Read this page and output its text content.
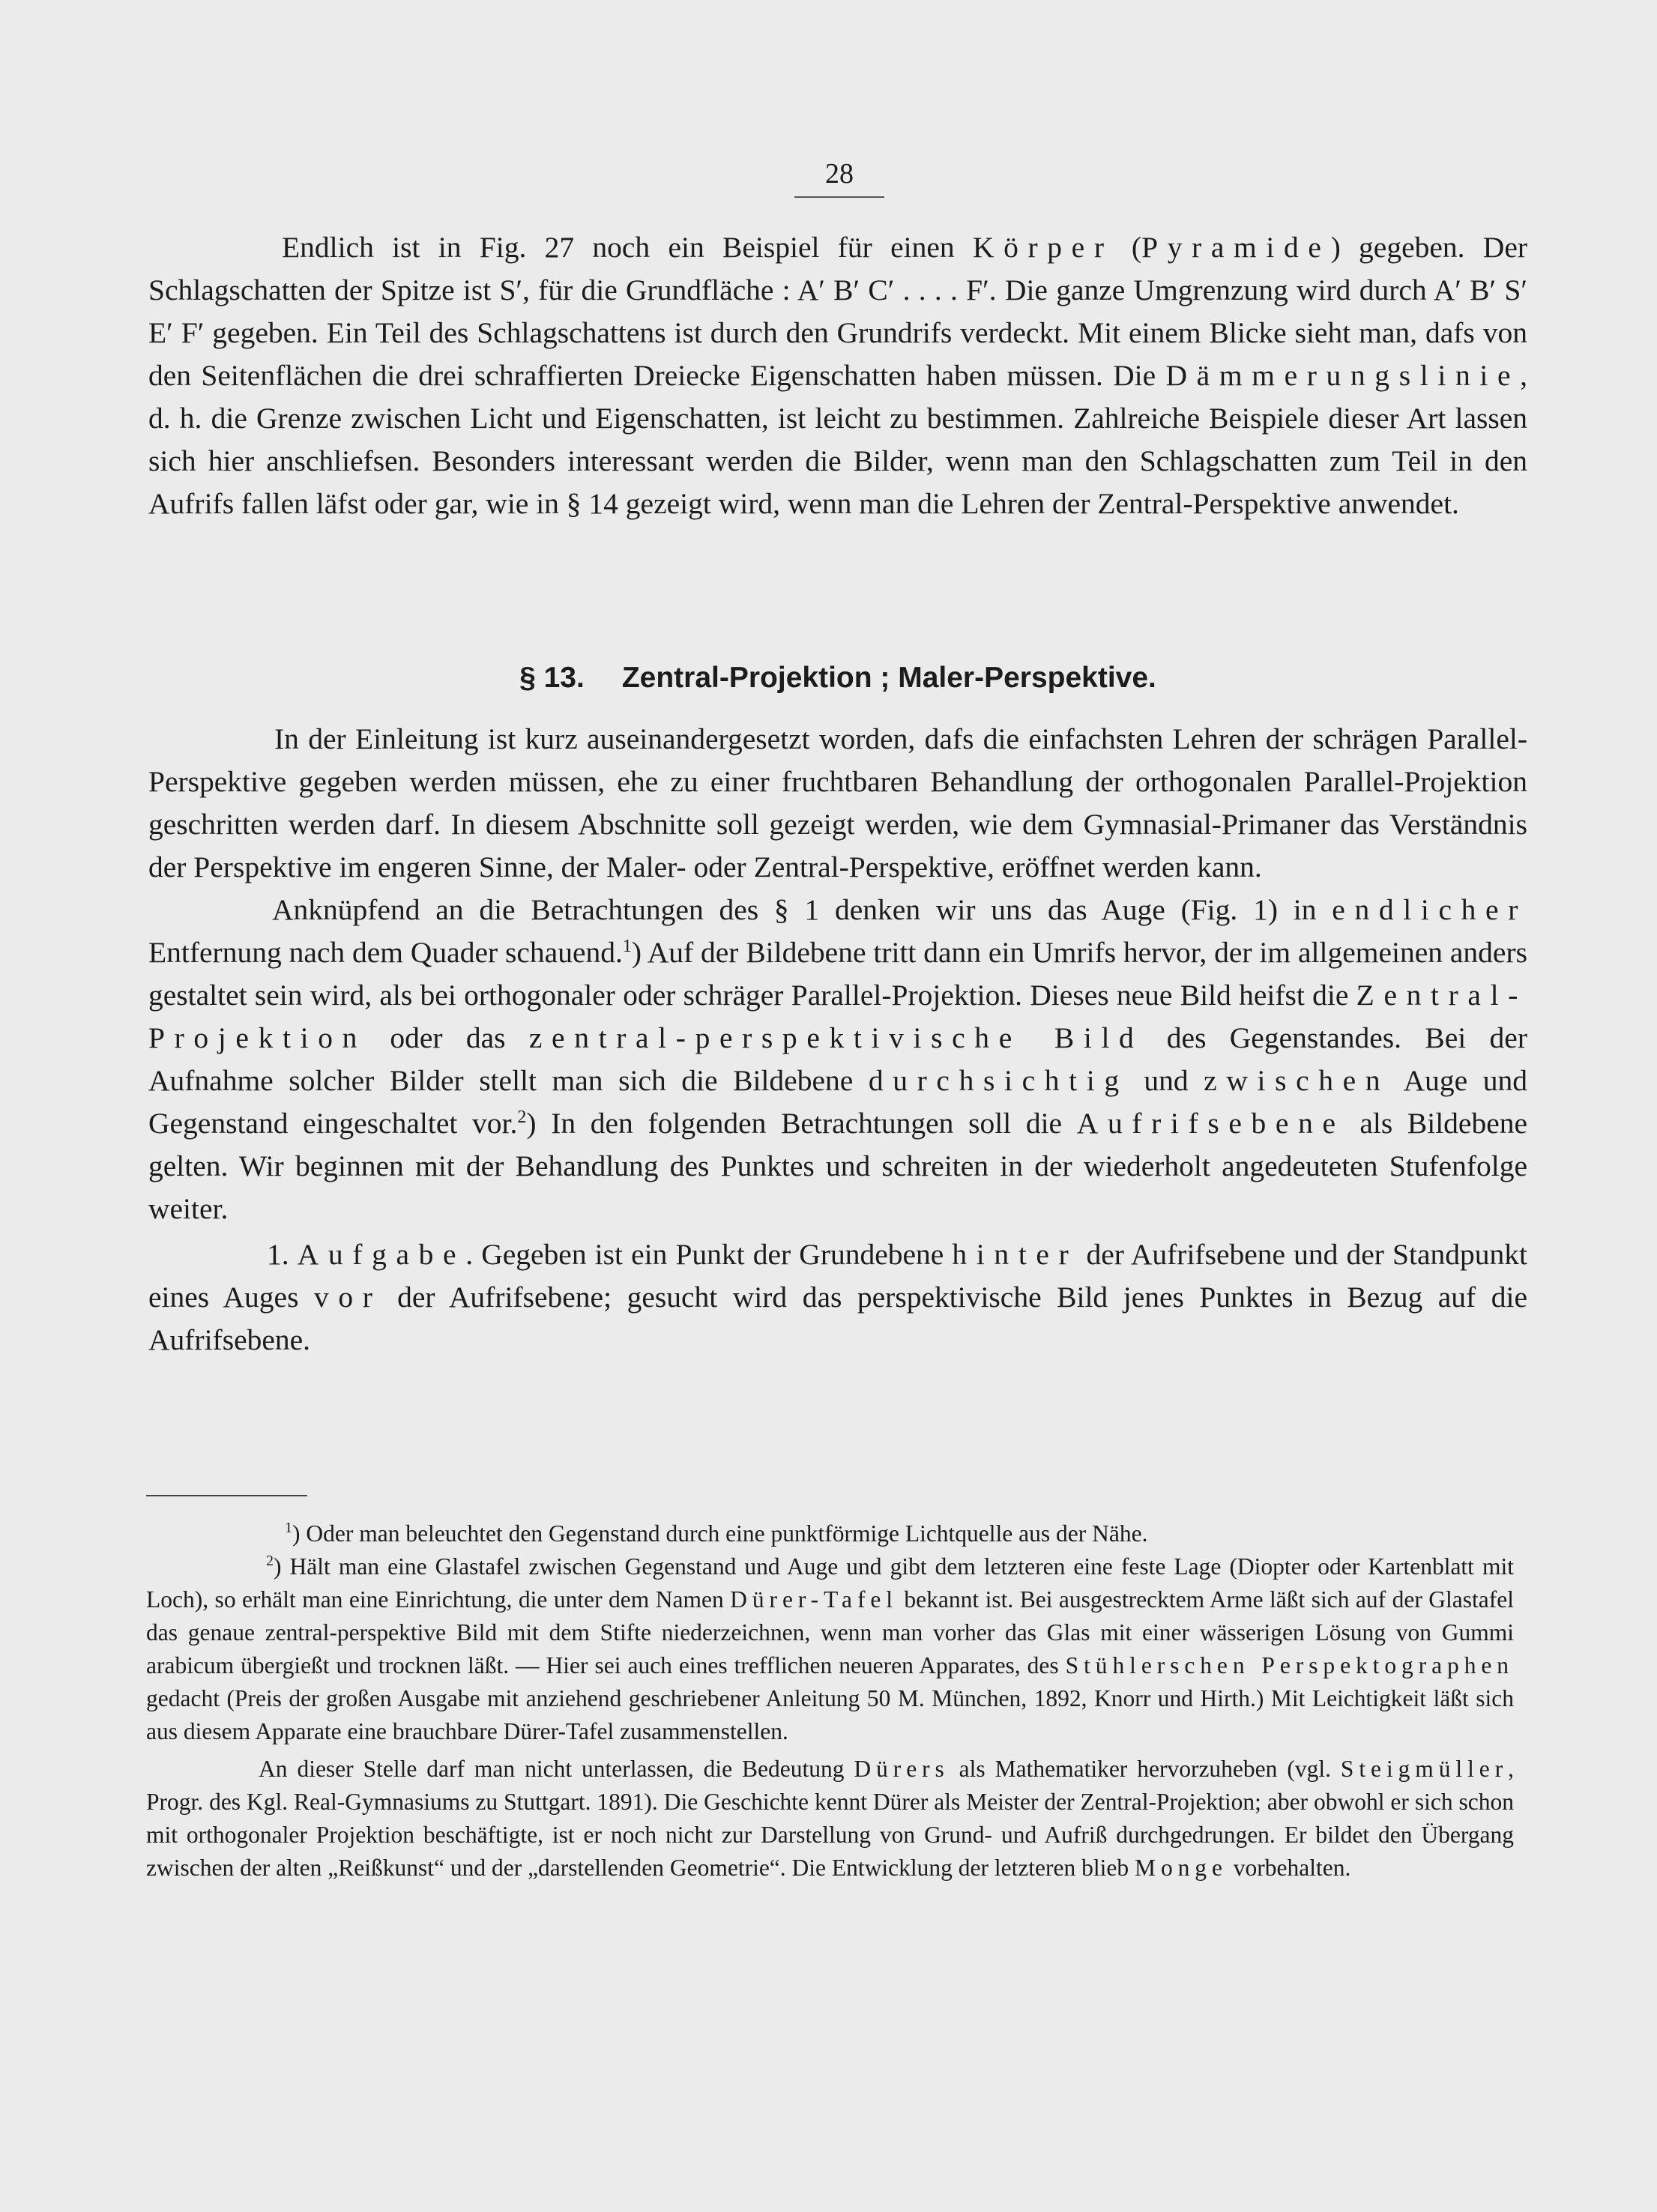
28

Endlich ist in Fig. 27 noch ein Beispiel für einen Körper (Pyramide) gegeben. Der Schlagschatten der Spitze ist S′, für die Grundfläche : A′ B′ C′ . . . . F′. Die ganze Umgrenzung wird durch A′ B′ S′ E′ F′ gegeben. Ein Teil des Schlagschattens ist durch den Grundrifs verdeckt. Mit einem Blicke sieht man, dafs von den Seitenflächen die drei schraffierten Dreiecke Eigenschatten haben müssen. Die Dämmerungslinie, d. h. die Grenze zwischen Licht und Eigenschatten, ist leicht zu bestimmen. Zahlreiche Beispiele dieser Art lassen sich hier anschliefsen. Besonders interessant werden die Bilder, wenn man den Schlagschatten zum Teil in den Aufrifs fallen läfst oder gar, wie in § 14 gezeigt wird, wenn man die Lehren der Zentral-Perspektive anwendet.

§ 13. Zentral-Projektion ; Maler-Perspektive.

In der Einleitung ist kurz auseinandergesetzt worden, dafs die einfachsten Lehren der schrägen Parallel-Perspektive gegeben werden müssen, ehe zu einer fruchtbaren Behandlung der orthogonalen Parallel-Projektion geschritten werden darf. In diesem Abschnitte soll gezeigt werden, wie dem Gymnasial-Primaner das Verständnis der Perspektive im engeren Sinne, der Maler- oder Zentral-Perspektive, eröffnet werden kann.

Anknüpfend an die Betrachtungen des § 1 denken wir uns das Auge (Fig. 1) in endlicher Entfernung nach dem Quader schauend.$^1$) Auf der Bildebene tritt dann ein Umrifs hervor, der im allgemeinen anders gestaltet sein wird, als bei orthogonaler oder schräger Parallel-Projektion. Dieses neue Bild heifst die Zentral-Projektion oder das zentral-perspektivische Bild des Gegenstandes. Bei der Aufnahme solcher Bilder stellt man sich die Bildebene durchsichtig und zwischen Auge und Gegenstand eingeschaltet vor.$^2$) In den folgenden Betrachtungen soll die Aufrifsebene als Bildebene gelten. Wir beginnen mit der Behandlung des Punktes und schreiten in der wiederholt angedeuteten Stufenfolge weiter.

1. Aufgabe. Gegeben ist ein Punkt der Grundebene hinter der Aufrifsebene und der Standpunkt eines Auges vor der Aufrifsebene; gesucht wird das perspektivische Bild jenes Punktes in Bezug auf die Aufrifsebene.

$^1$) Oder man beleuchtet den Gegenstand durch eine punktförmige Lichtquelle aus der Nähe.

$^2$) Hält man eine Glastafel zwischen Gegenstand und Auge und gibt dem letzteren eine feste Lage (Diopter oder Kartenblatt mit Loch), so erhält man eine Einrichtung, die unter dem Namen Dürer-Tafel bekannt ist. Bei ausgestrecktem Arme läßt sich auf der Glastafel das genaue zentral-perspektive Bild mit dem Stifte niederzeichnen, wenn man vorher das Glas mit einer wässerigen Lösung von Gummi arabicum übergießt und trocknen läßt. — Hier sei auch eines trefflichen neueren Apparates, des Stühlerschen Perspektographen gedacht (Preis der großen Ausgabe mit anziehend geschriebener Anleitung 50 M. München, 1892, Knorr und Hirth.) Mit Leichtigkeit läßt sich aus diesem Apparate eine brauchbare Dürer-Tafel zusammenstellen.

An dieser Stelle darf man nicht unterlassen, die Bedeutung Dürers als Mathematiker hervorzuheben (vgl. Steigmüller, Progr. des Kgl. Real-Gymnasiums zu Stuttgart. 1891). Die Geschichte kennt Dürer als Meister der Zentral-Projektion; aber obwohl er sich schon mit orthogonaler Projektion beschäftigte, ist er noch nicht zur Darstellung von Grund- und Aufriß durchgedrungen. Er bildet den Übergang zwischen der alten „Reißkunst“ und der „darstellenden Geometrie“. Die Entwicklung der letzteren blieb Monge vorbehalten.
